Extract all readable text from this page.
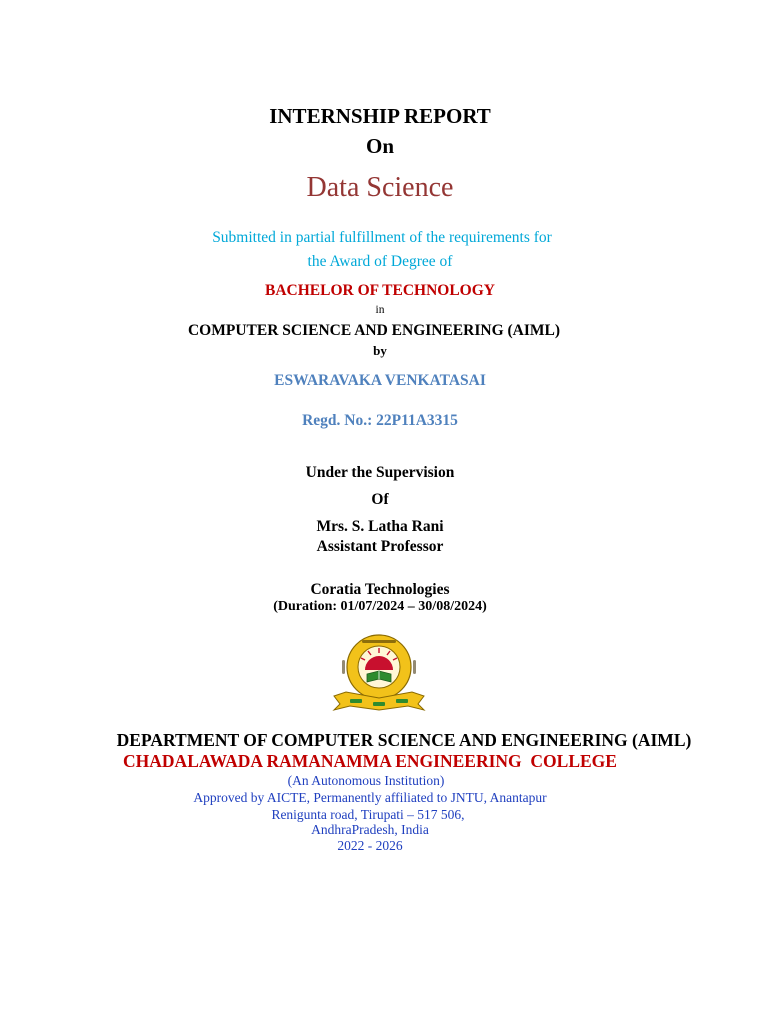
INTERNSHIP REPORT
On
Data Science
Submitted in partial fulfillment of the requirements for
the Award of Degree of
BACHELOR OF TECHNOLOGY
in
COMPUTER SCIENCE AND ENGINEERING (AIML)
by
ESWARAVAKA VENKATASAI
Regd. No.: 22P11A3315
Under the Supervision
Of
Mrs. S. Latha Rani
Assistant Professor
Coratia Technologies
(Duration: 01/07/2024 – 30/08/2024)
DEPARTMENT OF COMPUTER SCIENCE AND ENGINEERING (AIML)
CHADALAWADA RAMANAMMA ENGINEERING  COLLEGE
(An Autonomous Institution)
Approved by AICTE, Permanently affiliated to JNTU, Anantapur
Renigunta road, Tirupati – 517 506,
AndhraPradesh, India
2022 - 2026
